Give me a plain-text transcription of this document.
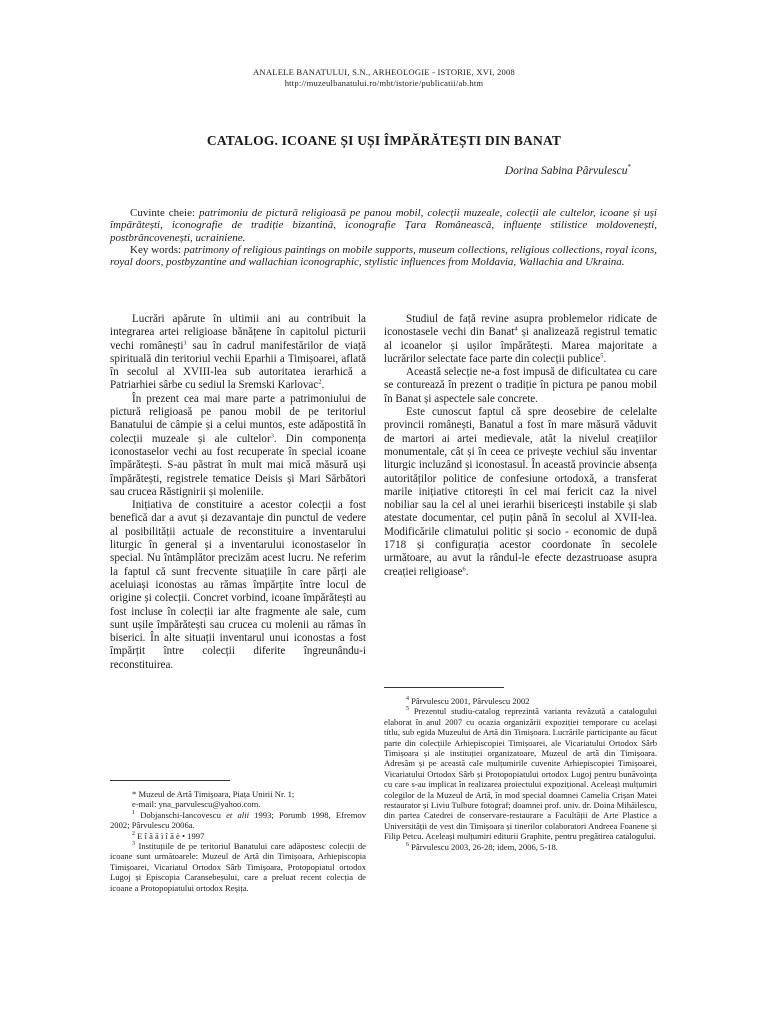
ANALELE BANATULUI, S.N., ARHEOLOGIE - ISTORIE, XVI, 2008
http://muzeulbanatului.ro/mbt/istorie/publicatii/ab.htm
CATALOG. ICOANE ȘI UȘI ÎMPĂRĂTEȘTI DIN BANAT
Dorina Sabina Pârvulescu*

Cuvinte cheie: patrimoniu de pictură religioasă pe panou mobil, colecții muzeale, colecții ale cultelor, icoane și uși împărătești, iconografie de tradiție bizantină, iconografie Țara Românească, influențe stilistice moldovenești, postbrâncovenești, ucrainiene.

Key words: patrimony of religious paintings on mobile supports, museum collections, religious collections, royal icons, royal doors, postbyzantine and wallachian iconographic, stylistic influences from Moldavia, Wallachia and Ukraina.

Lucrări apărute în ultimii ani au contribuit la integrarea artei religioase bănățene în capitolul picturii vechi românești$^1$ sau în cadrul manifestărilor de viață spirituală din teritoriul vechii Eparhii a Timișoarei, aflată în secolul al XVIII-lea sub autoritatea ierarhică a Patriarhiei sârbe cu sediul la Sremski Karlovac$^2$.

În prezent cea mai mare parte a patrimoniului de pictură religioasă pe panou mobil de pe teritoriul Banatului de câmpie și a celui muntos, este adăpostită în colecții muzeale și ale cultelor$^3$. Din componența iconostaselor vechi au fost recuperate în special icoane împărătești. S-au păstrat în mult mai mică măsură uși împărătești, registrele tematice Deisis și Mari Sărbători sau crucea Răstignirii și moleniile.

Inițiativa de constituire a acestor colecții a fost benefică dar a avut și dezavantaje din punctul de vedere al posibilității actuale de reconstituire a inventarului liturgic în general și a inventarului iconostaselor în special. Nu întâmplător precizăm acest lucru. Ne referim la faptul că sunt frecvente situațiile în care părți ale aceluiași iconostas au rămas împărțite între locul de origine și colecții. Concret vorbind, icoane împărătești au fost incluse în colecții iar alte fragmente ale sale, cum sunt ușile împărătești sau crucea cu molenii au rămas în biserici. În alte situații inventarul unui iconostas a fost împărțit între colecții diferite îngreunându-i reconstituirea.

* Muzeul de Artă Timișoara, Piața Unirii Nr. 1;

e-mail: yna_parvulescu@yahoo.com.

$^1$ Dobjanschi-Iancovescu et alii 1993; Porumb 1998, Efremov 2002; Pârvulescu 2006a.

$^2$ Ε î ă ă ì î ă è • 1997

$^3$ Instituțiile de pe teritoriul Banatului care adăpostesc colecții de icoane sunt următoarele: Muzeul de Artă din Timișoara, Arhiepiscopia Timișoarei, Vicariatul Ortodox Sârb Timișoara, Protopopiatul ortodox Lugoj și Episcopia Caransebeșului, care a preluat recent colecția de icoane a Protopopiatului ortodox Reșița.

Studiul de față revine asupra problemelor ridicate de iconostasele vechi din Banat$^4$ și analizează registrul tematic al icoanelor și ușilor împărătești. Marea majoritate a lucrărilor selectate face parte din colecții publice$^5$.

Această selecție ne-a fost impusă de dificultatea cu care se conturează în prezent o tradiție în pictura pe panou mobil în Banat și aspectele sale concrete.

Este cunoscut faptul că spre deosebire de celelalte provincii românești, Banatul a fost în mare măsură văduvit de martori ai artei medievale, atât la nivelul creațiilor monumentale, cât și în ceea ce privește vechiul său inventar liturgic incluzând și iconostasul. În această provincie absența autorităților politice de confesiune ortodoxă, a transferat marile inițiative ctitorești în cel mai fericit caz la nivel nobiliar sau la cel al unei ierarhii bisericești instabile și slab atestate documentar, cel puțin până în secolul al XVII-lea. Modificările climatului politic și socio - economic de după 1718 și configurația acestor coordonate în secolele următoare, au avut la rândul-le efecte dezastruoase asupra creației religioase$^6$.

$^4$ Pârvulescu 2001, Pârvulescu 2002

$^5$ Prezentul studiu-catalog reprezintă varianta revăzută a catalogului elaborat în anul 2007 cu ocazia organizării expoziției temporare cu același titlu, sub egida Muzeului de Artă din Timișoara. Lucrările participante au făcut parte din colecțiile Arhiepiscopiei Timișoarei, ale Vicariatului Ortodox Sârb Timișoara și ale instituției organizatoare, Muzeul de artă din Timișoara. Adresăm și pe această cale mulțumirile cuvenite Arhiepiscopiei Timișoarei, Vicariatului Ortodox Sârb și Protopopiatului ortodox Lugoj pentru bunăvoința cu care s-au implicat în realizarea proiectului expozițional. Aceleași mulțumiri colegilor de la Muzeul de Artă, în mod special doamnei Camelia Crișan Matei restaurator și Liviu Tulbure fotograf; doamnei prof. univ. dr. Doina Mihăilescu, din partea Catedrei de conservare-restaurare a Facultății de Arte Plastice a Universității de vest din Timișoara și tinerilor colaboratori Andreea Foanene și Filip Petcu. Aceleași mulțumiri editurii Graphite, pentru pregătirea catalogului.

$^6$ Pârvulescu 2003, 26-28; idem, 2006, 5-18.
